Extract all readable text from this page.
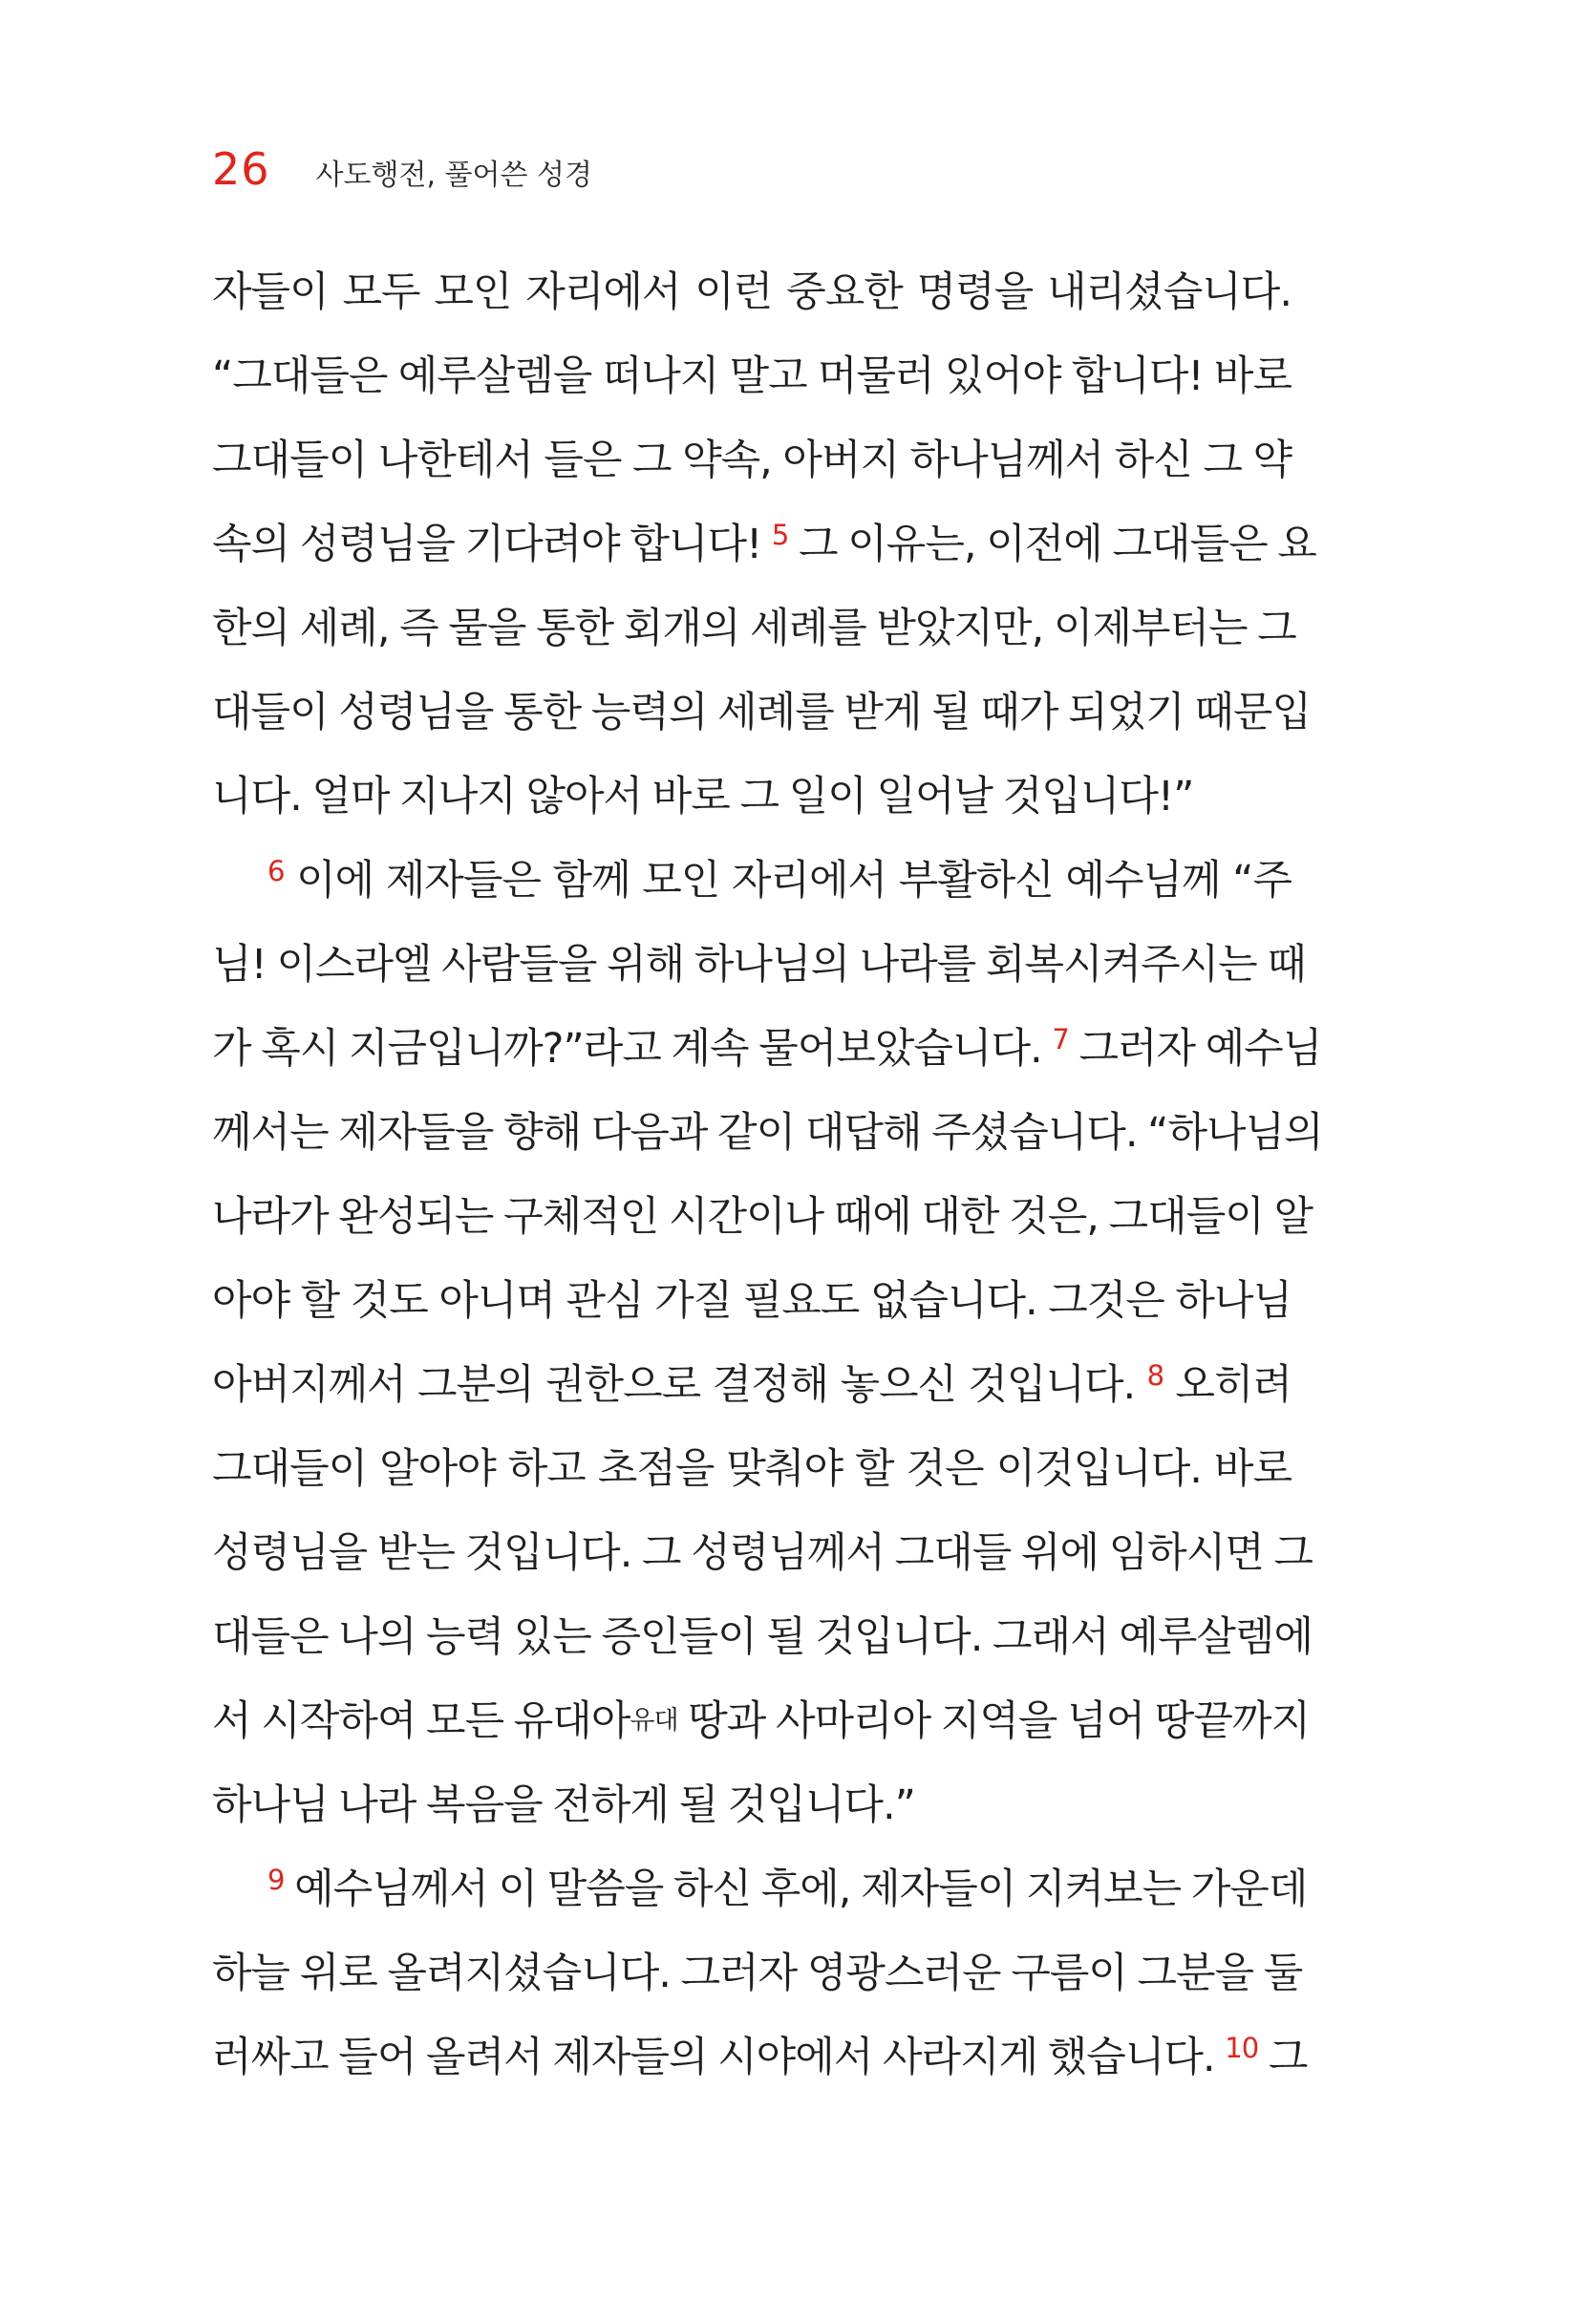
26 사도행전, 풀어쓴 성경
자들이 모두 모인 자리에서 이런 중요한 명령을 내리셨습니다.
“그대들은 예루살렘을 떠나지 말고 머물러 있어야 합니다! 바로
그대들이 나한테서 들은 그 약속, 아버지 하나님께서 하신 그 약
속의 성령님을 기다려야 합니다! $^5$ 그 이유는, 이전에 그대들은 요
한의 세례, 즉 물을 통한 회개의 세례를 받았지만, 이제부터는 그
대들이 성령님을 통한 능력의 세례를 받게 될 때가 되었기 때문입
니다. 얼마 지나지 않아서 바로 그 일이 일어날 것입니다!”
$^6$ 이에 제자들은 함께 모인 자리에서 부활하신 예수님께 “주
님! 이스라엘 사람들을 위해 하나님의 나라를 회복시켜주시는 때
가 혹시 지금입니까?”라고 계속 물어보았습니다. $^7$ 그러자 예수님
께서는 제자들을 향해 다음과 같이 대답해 주셨습니다. “하나님의
나라가 완성되는 구체적인 시간이나 때에 대한 것은, 그대들이 알
아야 할 것도 아니며 관심 가질 필요도 없습니다. 그것은 하나님
아버지께서 그분의 권한으로 결정해 놓으신 것입니다. $^8$ 오히려
그대들이 알아야 하고 초점을 맞춰야 할 것은 이것입니다. 바로
성령님을 받는 것입니다. 그 성령님께서 그대들 위에 임하시면 그
대들은 나의 능력 있는 증인들이 될 것입니다. 그래서 예루살렘에
서 시작하여 모든 유대아유대 땅과 사마리아 지역을 넘어 땅끝까지
하나님 나라 복음을 전하게 될 것입니다.”
$^9$ 예수님께서 이 말씀을 하신 후에, 제자들이 지켜보는 가운데
하늘 위로 올려지셨습니다. 그러자 영광스러운 구름이 그분을 둘
러싸고 들어 올려서 제자들의 시야에서 사라지게 했습니다. $^{10}$ 그
